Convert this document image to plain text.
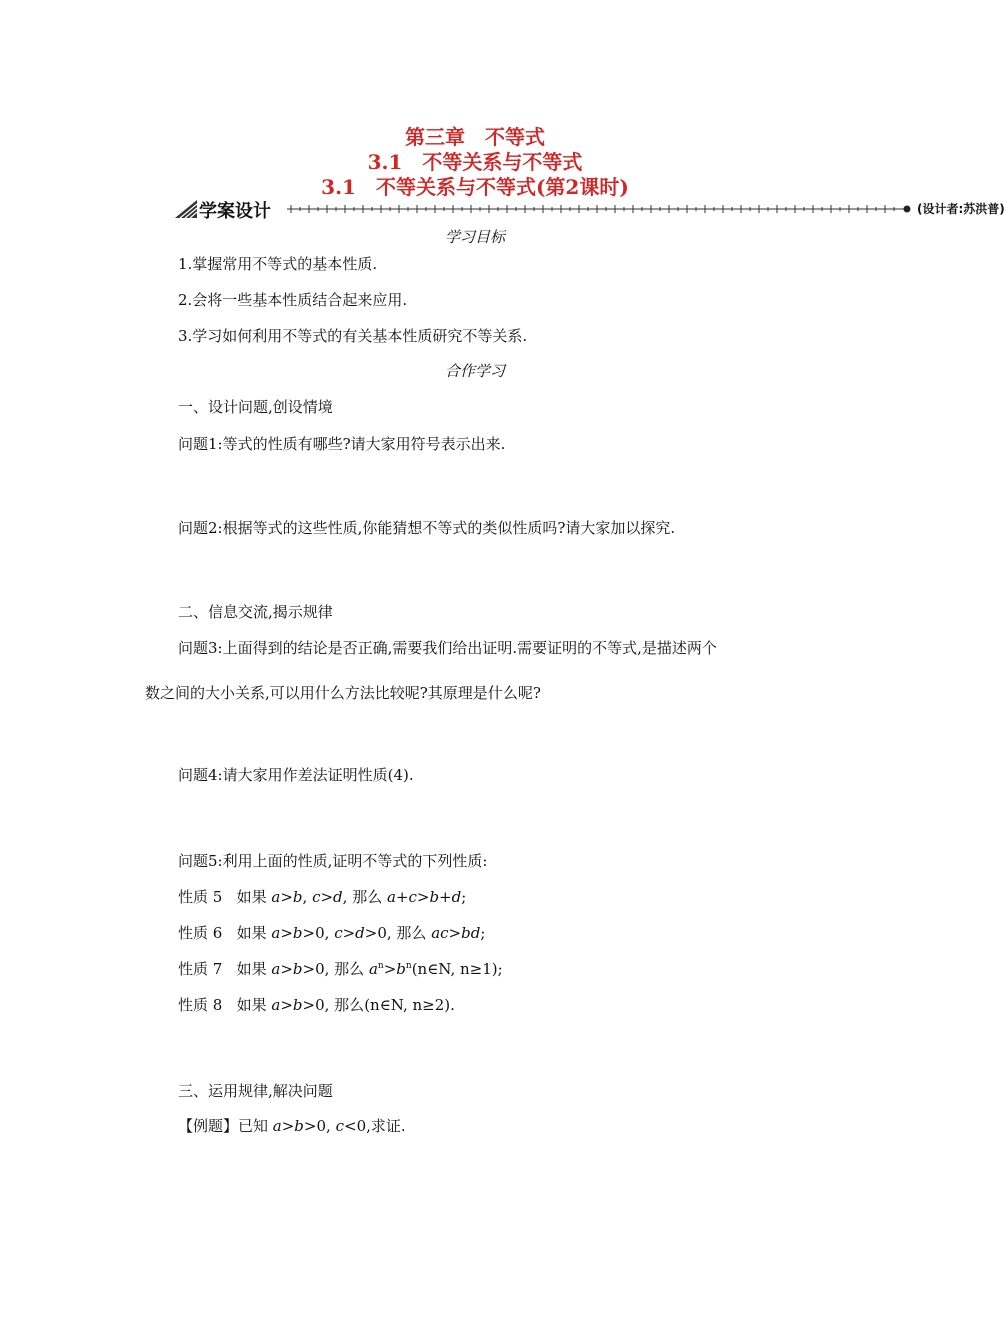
第三章　不等式
3.1　不等关系与不等式
3.1　不等关系与不等式(第2课时)
学案设计	(设计者:苏洪普)
学习目标
1.掌握常用不等式的基本性质.
2.会将一些基本性质结合起来应用.
3.学习如何利用不等式的有关基本性质研究不等关系.
合作学习
一、设计问题,创设情境
问题1:等式的性质有哪些?请大家用符号表示出来.
问题2:根据等式的这些性质,你能猜想不等式的类似性质吗?请大家加以探究.
二、信息交流,揭示规律
问题3:上面得到的结论是否正确,需要我们给出证明.需要证明的不等式,是描述两个
数之间的大小关系,可以用什么方法比较呢?其原理是什么呢?
问题4:请大家用作差法证明性质(4).
问题5:利用上面的性质,证明不等式的下列性质:
性质 5 如果 a>b, c>d, 那么 a+c>b+d;
性质 6 如果 a>b>0, c>d>0, 那么 ac>bd;
性质 7 如果 a>b>0, 那么 $a^n>b^n(n\in N$, n≥1);
性质 8 如果 a>b>0, 那么(n∈N, n≥2).
三、运用规律,解决问题
【例题】已知 a>b>0, c<0,求证.
